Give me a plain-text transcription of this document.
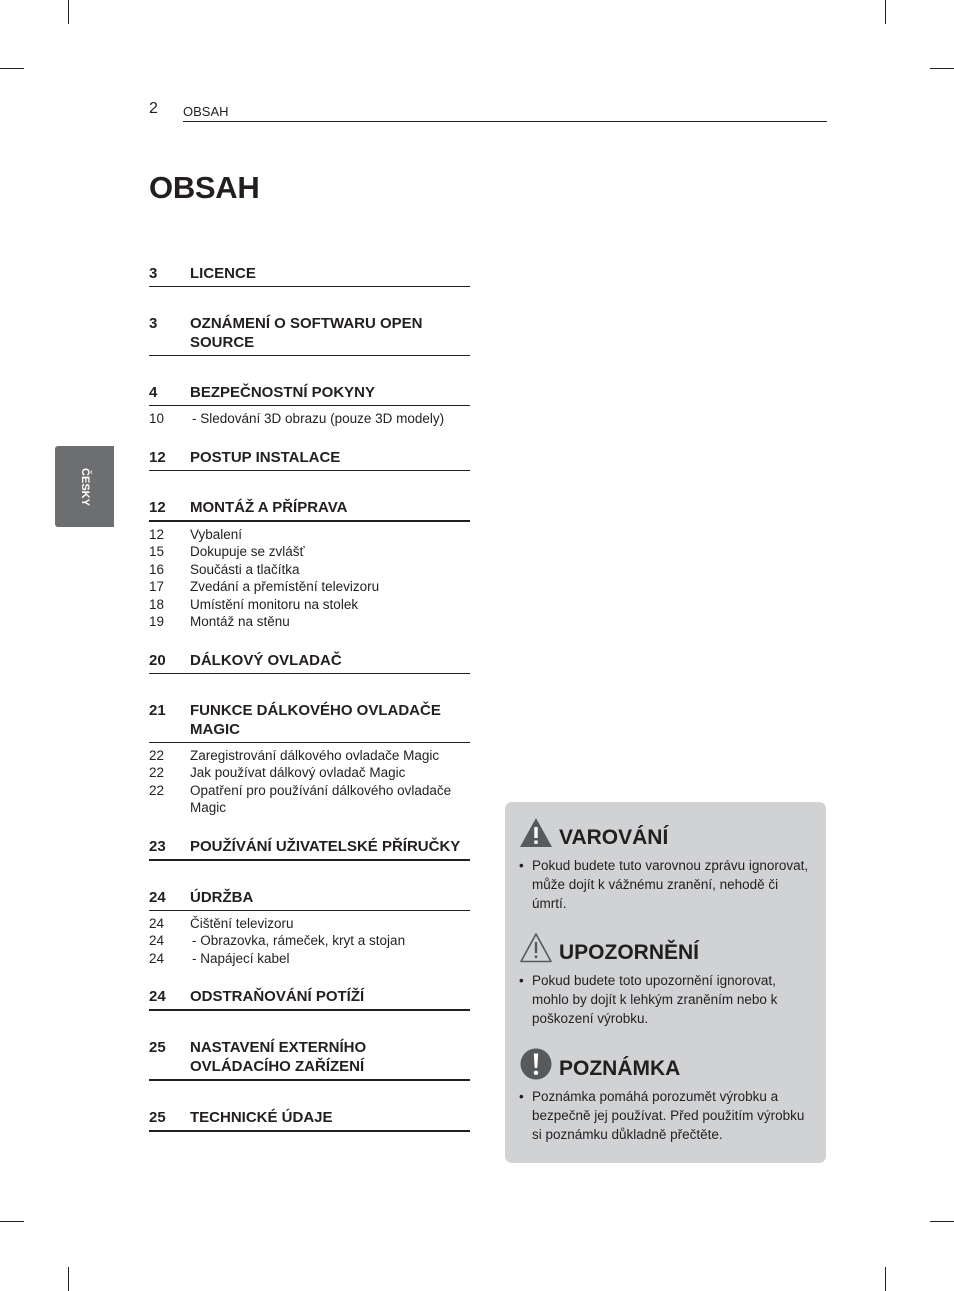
2 OBSAH
OBSAH
ČESKY
3	LICENCE
3	OZNÁMENÍ O SOFTWARU OPEN SOURCE
4	BEZPEČNOSTNÍ POKYNY
10	- Sledování 3D obrazu (pouze 3D modely)
12	POSTUP INSTALACE
12	MONTÁŽ A PŘÍPRAVA
12	Vybalení
15	Dokupuje se zvlášť
16	Součásti a tlačítka
17	Zvedání a přemístění televizoru
18	Umístění monitoru na stolek
19	Montáž na stěnu
20	DÁLKOVÝ OVLADAČ
21	FUNKCE DÁLKOVÉHO OVLADAČE MAGIC
22	Zaregistrování dálkového ovladače Magic
22	Jak používat dálkový ovladač Magic
22	Opatření pro používání dálkového ovladače Magic
23	POUŽÍVÁNÍ UŽIVATELSKÉ PŘÍRUČKY
24	ÚDRŽBA
24	Čištění televizoru
24	- Obrazovka, rámeček, kryt a stojan
24	- Napájecí kabel
24	ODSTRAŇOVÁNÍ POTÍŽÍ
25	NASTAVENÍ EXTERNÍHO OVLÁDACÍHO ZAŘÍZENÍ
25	TECHNICKÉ ÚDAJE
VAROVÁNÍ
• Pokud budete tuto varovnou zprávu ignorovat, může dojít k vážnému zranění, nehodě či úmrtí.
UPOZORNĚNÍ
• Pokud budete toto upozornění ignorovat, mohlo by dojít k lehkým zraněním nebo k poškození výrobku.
POZNÁMKA
• Poznámka pomáhá porozumět výrobku a bezpečně jej používat. Před použitím výrobku si poznámku důkladně přečtěte.
